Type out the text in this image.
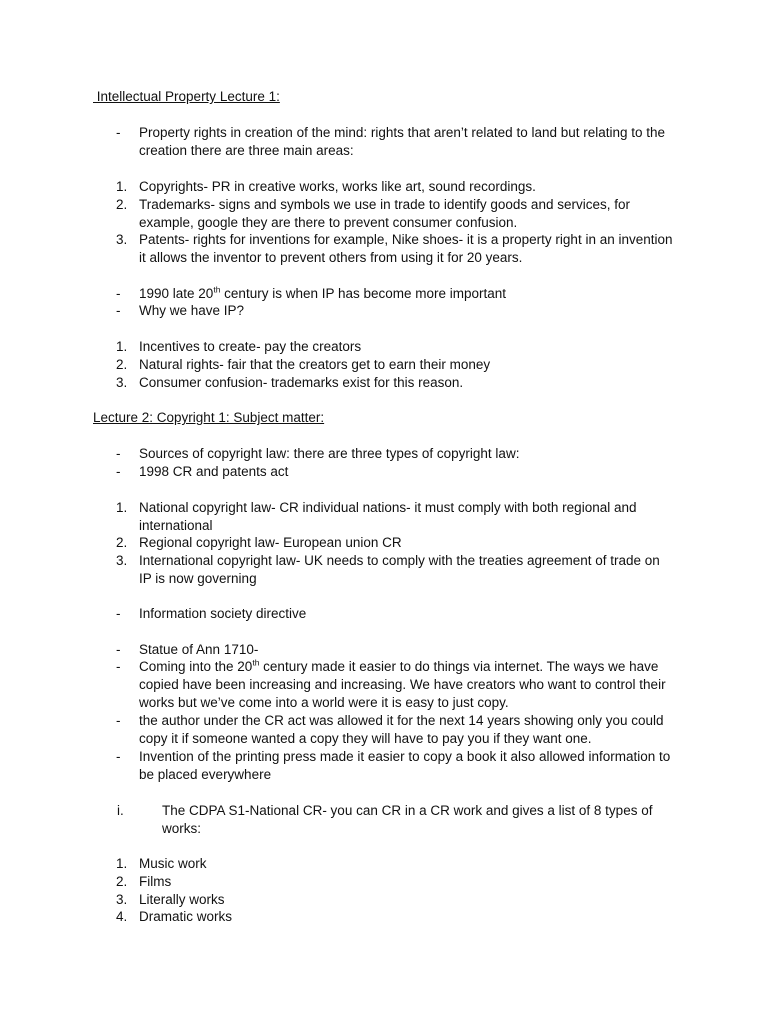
Intellectual Property Lecture 1:
-	Property rights in creation of the mind: rights that aren’t related to land but relating to the creation there are three main areas:
1. Copyrights- PR in creative works, works like art, sound recordings.
2. Trademarks- signs and symbols we use in trade to identify goods and services, for example, google they are there to prevent consumer confusion.
3. Patents- rights for inventions for example, Nike shoes- it is a property right in an invention it allows the inventor to prevent others from using it for 20 years.
-	1990 late 20th century is when IP has become more important
-	Why we have IP?
1. Incentives to create- pay the creators
2. Natural rights- fair that the creators get to earn their money
3. Consumer confusion- trademarks exist for this reason.
Lecture 2: Copyright 1: Subject matter:
-	Sources of copyright law: there are three types of copyright law:
-	1998 CR and patents act
1. National copyright law- CR individual nations- it must comply with both regional and international
2. Regional copyright law- European union CR
3. International copyright law- UK needs to comply with the treaties agreement of trade on IP is now governing
-	Information society directive
-	Statue of Ann 1710-
-	Coming into the 20th century made it easier to do things via internet. The ways we have copied have been increasing and increasing. We have creators who want to control their works but we’ve come into a world were it is easy to just copy.
-	the author under the CR act was allowed it for the next 14 years showing only you could copy it if someone wanted a copy they will have to pay you if they want one.
-	Invention of the printing press made it easier to copy a book it also allowed information to be placed everywhere
i.	The CDPA S1-National CR- you can CR in a CR work and gives a list of 8 types of works:
1. Music work
2. Films
3. Literally works
4. Dramatic works
